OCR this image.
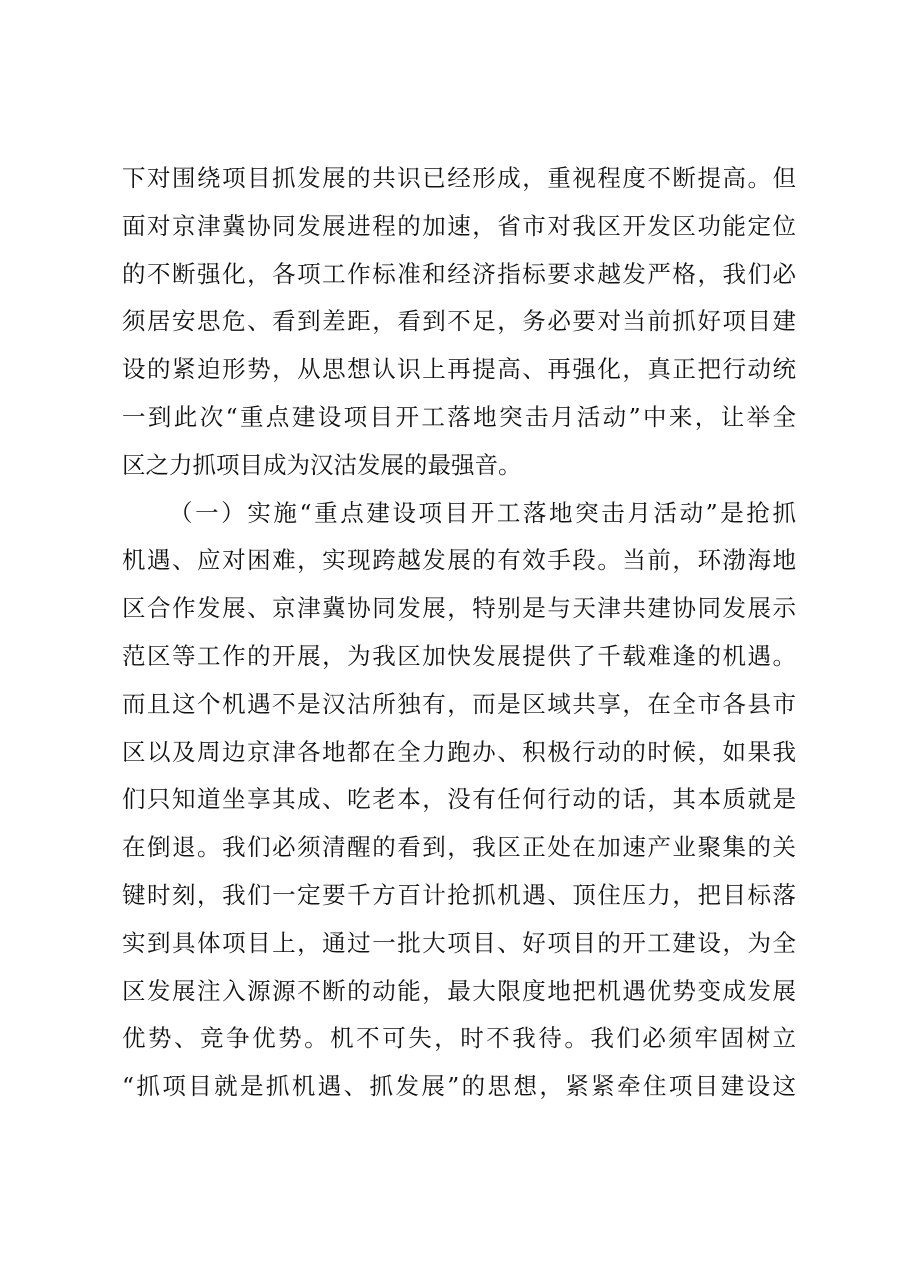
下对围绕项目抓发展的共识已经形成，重视程度不断提高。但
面对京津冀协同发展进程的加速，省市对我区开发区功能定位
的不断强化，各项工作标准和经济指标要求越发严格，我们必
须居安思危、看到差距，看到不足，务必要对当前抓好项目建
设的紧迫形势，从思想认识上再提高、再强化，真正把行动统
一到此次“重点建设项目开工落地突击月活动”中来，让举全
区之力抓项目成为汉沽发展的最强音。
（一）实施“重点建设项目开工落地突击月活动”是抢抓
机遇、应对困难，实现跨越发展的有效手段。当前，环渤海地
区合作发展、京津冀协同发展，特别是与天津共建协同发展示
范区等工作的开展，为我区加快发展提供了千载难逢的机遇。
而且这个机遇不是汉沽所独有，而是区域共享，在全市各县市
区以及周边京津各地都在全力跑办、积极行动的时候，如果我
们只知道坐享其成、吃老本，没有任何行动的话，其本质就是
在倒退。我们必须清醒的看到，我区正处在加速产业聚集的关
键时刻，我们一定要千方百计抢抓机遇、顶住压力，把目标落
实到具体项目上，通过一批大项目、好项目的开工建设，为全
区发展注入源源不断的动能，最大限度地把机遇优势变成发展
优势、竞争优势。机不可失，时不我待。我们必须牢固树立
“抓项目就是抓机遇、抓发展”的思想，紧紧牵住项目建设这
